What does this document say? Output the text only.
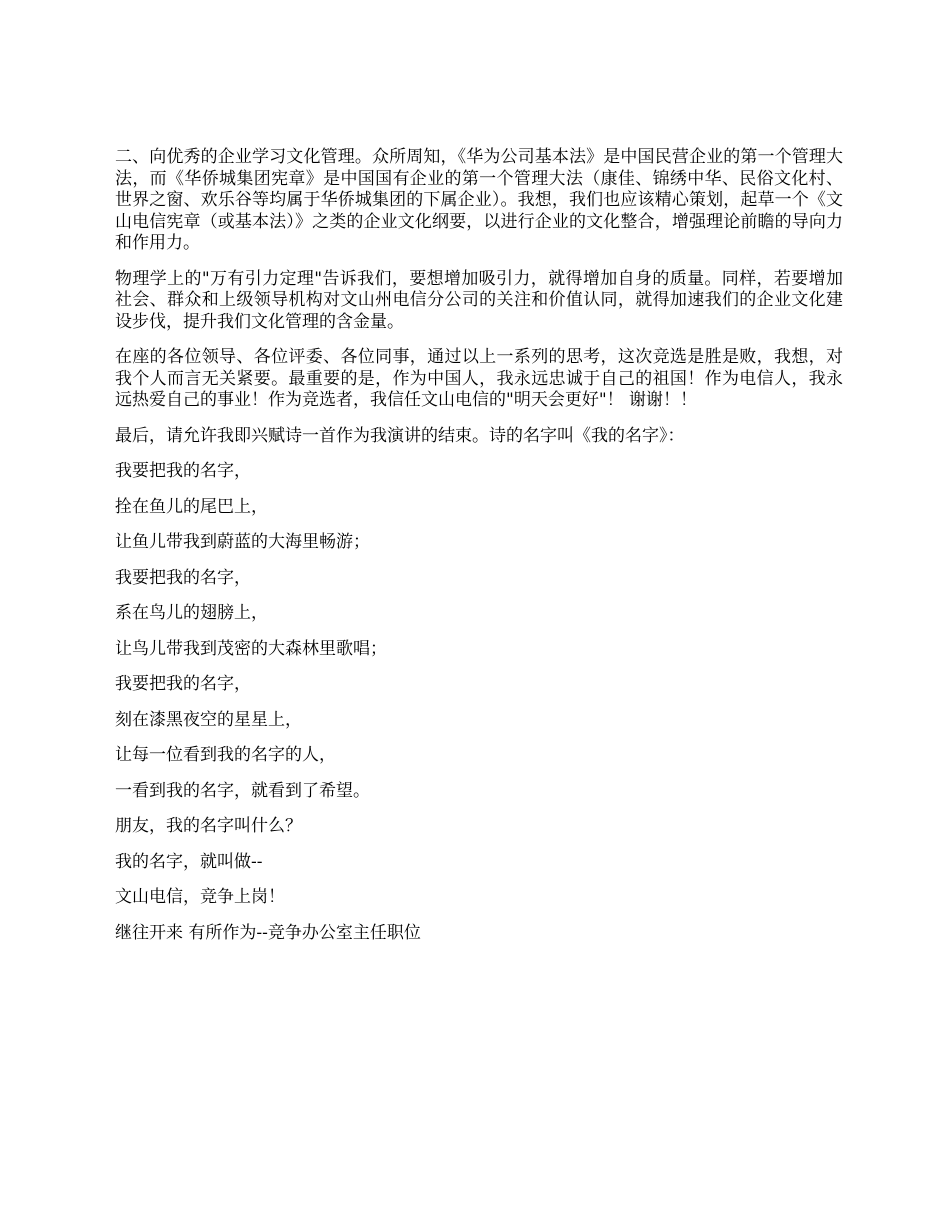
二、向优秀的企业学习文化管理。众所周知，《华为公司基本法》是中国民营企业的第一个管理大法，而《华侨城集团宪章》是中国国有企业的第一个管理大法（康佳、锦绣中华、民俗文化村、世界之窗、欢乐谷等均属于华侨城集团的下属企业）。我想，我们也应该精心策划，起草一个《文山电信宪章（或基本法）》之类的企业文化纲要，以进行企业的文化整合，增强理论前瞻的导向力和作用力。

物理学上的"万有引力定理"告诉我们，要想增加吸引力，就得增加自身的质量。同样，若要增加社会、群众和上级领导机构对文山州电信分公司的关注和价值认同，就得加速我们的企业文化建设步伐，提升我们文化管理的含金量。

在座的各位领导、各位评委、各位同事，通过以上一系列的思考，这次竞选是胜是败，我想，对我个人而言无关紧要。最重要的是，作为中国人，我永远忠诚于自己的祖国！作为电信人，我永远热爱自己的事业！作为竞选者，我信任文山电信的"明天会更好"！ 谢谢！！

最后，请允许我即兴赋诗一首作为我演讲的结束。诗的名字叫《我的名字》：

我要把我的名字，

拴在鱼儿的尾巴上，

让鱼儿带我到蔚蓝的大海里畅游；

我要把我的名字，

系在鸟儿的翅膀上，

让鸟儿带我到茂密的大森林里歌唱；

我要把我的名字，

刻在漆黑夜空的星星上，

让每一位看到我的名字的人，

一看到我的名字，就看到了希望。

朋友，我的名字叫什么？

我的名字，就叫做--

文山电信，竞争上岗！

继往开来 有所作为--竞争办公室主任职位
